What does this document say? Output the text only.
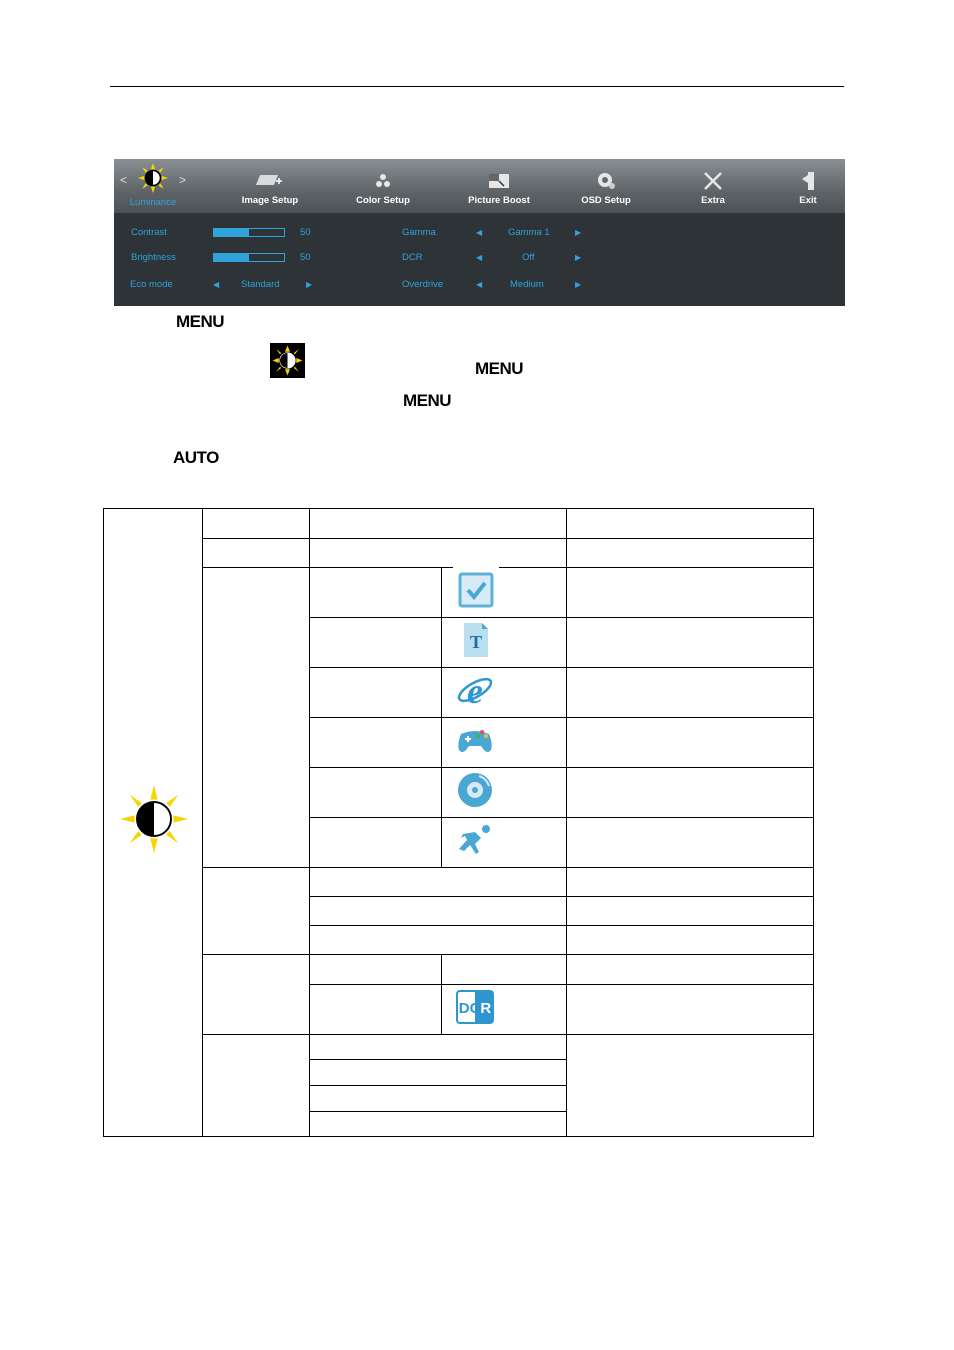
<	>
Luminance	Image Setup	Color Setup	Picture Boost	OSD Setup	Extra	Exit
Contrast	50
Brightness	50
Eco mode	◀ Standard	▶
Gamma	◀	Gamma 1	▶
DCR	◀	Off	▶
Overdrive	◀	Medium	▶
MENU
MENU
MENU
AUTO
T
e
DCR
